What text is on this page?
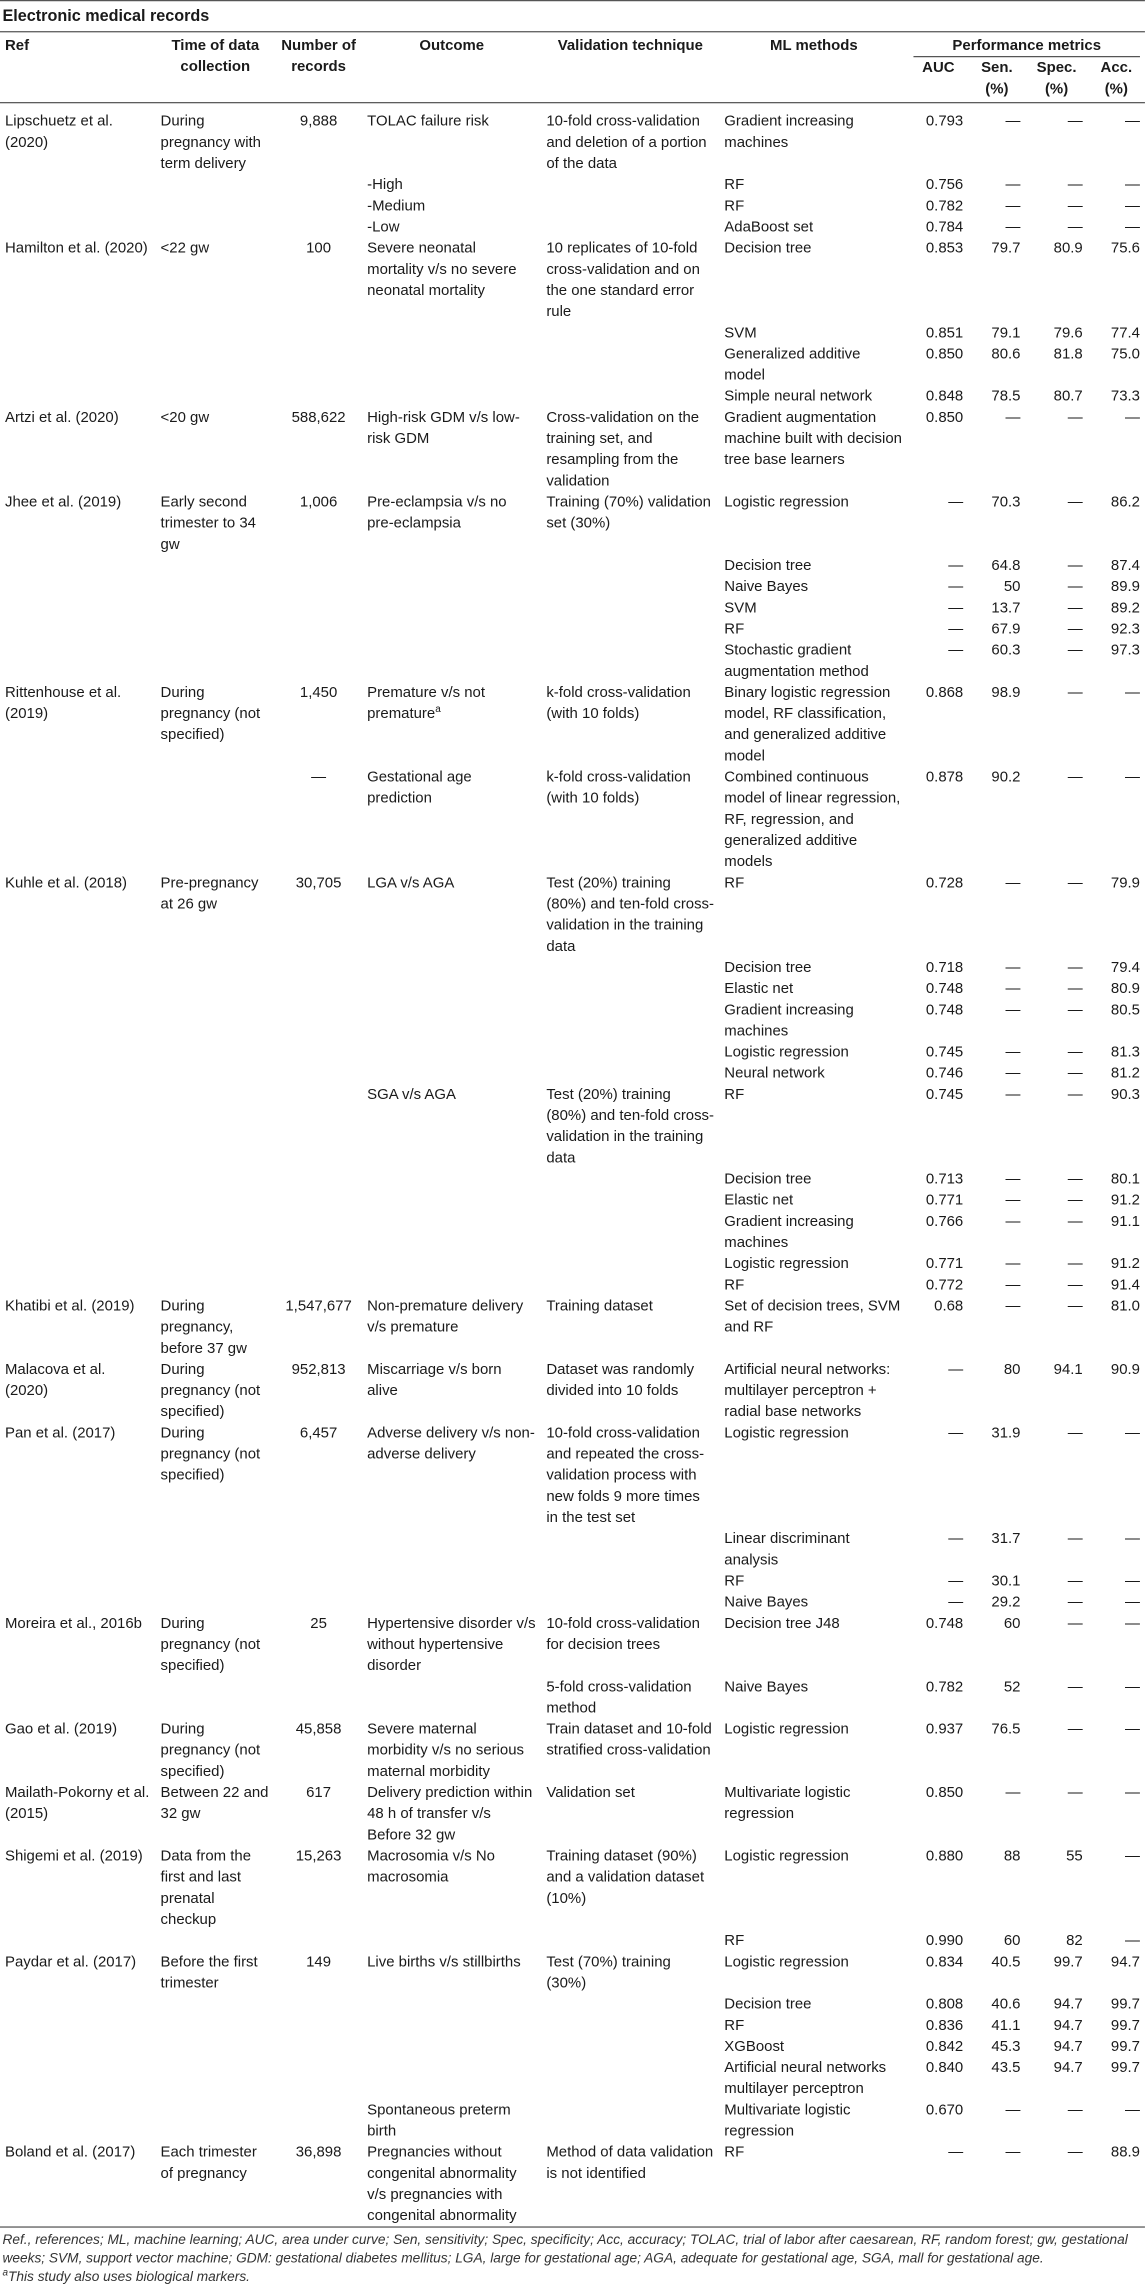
Electronic medical records
Ref	Time of data collection	Number of records	Outcome	Validation technique	ML methods	Performance metrics			

						AUC	Sen. (%)	Spec. (%)	Acc. (%)

Lipschuetz et al. (2020)	During pregnancy with term delivery	9,888	TOLAC failure risk	10-fold cross-validation and deletion of a portion of the data	Gradient increasing machines	0.793	—	—	—
			-High		RF	0.756	—	—	—
			-Medium		RF	0.782	—	—	—
			-Low		AdaBoost set	0.784	—	—	—
Hamilton et al. (2020)	<22 gw	100	Severe neonatal mortality v/s no severe neonatal mortality	10 replicates of 10-fold cross-validation and on the one standard error rule	Decision tree	0.853	79.7	80.9	75.6
					SVM	0.851	79.1	79.6	77.4
					Generalized additive model	0.850	80.6	81.8	75.0
					Simple neural network	0.848	78.5	80.7	73.3
Artzi et al. (2020)	<20 gw	588,622	High-risk GDM v/s low-risk GDM	Cross-validation on the training set, and resampling from the validation	Gradient augmentation machine built with decision tree base learners	0.850	—	—	—
Jhee et al. (2019)	Early second trimester to 34 gw	1,006	Pre-eclampsia v/s no pre-eclampsia	Training (70%) validation set (30%)	Logistic regression	—	70.3	—	86.2
					Decision tree	—	64.8	—	87.4
					Naive Bayes	—	50	—	89.9
					SVM	—	13.7	—	89.2
					RF	—	67.9	—	92.3
					Stochastic gradient augmentation method	—	60.3	—	97.3
Rittenhouse et al. (2019)	During pregnancy (not specified)	1,450	Premature v/s not premature$^a$	k-fold cross-validation (with 10 folds)	Binary logistic regression model, RF classification, and generalized additive model	0.868	98.9	—	—
		—	Gestational age prediction	k-fold cross-validation (with 10 folds)	Combined continuous model of linear regression, RF, regression, and generalized additive models	0.878	90.2	—	—
Kuhle et al. (2018)	Pre-pregnancy at 26 gw	30,705	LGA v/s AGA	Test (20%) training (80%) and ten-fold cross-validation in the training data	RF	0.728	—	—	79.9
					Decision tree	0.718	—	—	79.4
					Elastic net	0.748	—	—	80.9
					Gradient increasing machines	0.748	—	—	80.5
					Logistic regression	0.745	—	—	81.3
					Neural network	0.746	—	—	81.2
			SGA v/s AGA	Test (20%) training (80%) and ten-fold cross-validation in the training data	RF	0.745	—	—	90.3
					Decision tree	0.713	—	—	80.1
					Elastic net	0.771	—	—	91.2
					Gradient increasing machines	0.766	—	—	91.1
					Logistic regression	0.771	—	—	91.2
					RF	0.772	—	—	91.4
Khatibi et al. (2019)	During pregnancy, before 37 gw	1,547,677	Non-premature delivery v/s premature	Training dataset	Set of decision trees, SVM and RF	0.68	—	—	81.0
Malacova et al. (2020)	During pregnancy (not specified)	952,813	Miscarriage v/s born alive	Dataset was randomly divided into 10 folds	Artificial neural networks: multilayer perceptron + radial base networks	—	80	94.1	90.9
Pan et al. (2017)	During pregnancy (not specified)	6,457	Adverse delivery v/s non-adverse delivery	10-fold cross-validation and repeated the cross-validation process with new folds 9 more times in the test set	Logistic regression	—	31.9	—	—
					Linear discriminant analysis	—	31.7	—	—
					RF	—	30.1	—	—
					Naive Bayes	—	29.2	—	—
Moreira et al., 2016b	During pregnancy (not specified)	25	Hypertensive disorder v/s without hypertensive disorder	10-fold cross-validation for decision trees	Decision tree J48	0.748	60	—	—
				5-fold cross-validation method	Naive Bayes	0.782	52	—	—
Gao et al. (2019)	During pregnancy (not specified)	45,858	Severe maternal morbidity v/s no serious maternal morbidity	Train dataset and 10-fold stratified cross-validation	Logistic regression	0.937	76.5	—	—
Mailath-Pokorny et al. (2015)	Between 22 and 32 gw	617	Delivery prediction within 48 h of transfer v/s Before 32 gw	Validation set	Multivariate logistic regression	0.850	—	—	—
Shigemi et al. (2019)	Data from the first and last prenatal checkup	15,263	Macrosomia v/s No macrosomia	Training dataset (90%) and a validation dataset (10%)	Logistic regression	0.880	88	55	—
					RF	0.990	60	82	—
Paydar et al. (2017)	Before the first trimester	149	Live births v/s stillbirths	Test (70%) training (30%)	Logistic regression	0.834	40.5	99.7	94.7
					Decision tree	0.808	40.6	94.7	99.7
					RF	0.836	41.1	94.7	99.7
					XGBoost	0.842	45.3	94.7	99.7
					Artificial neural networks multilayer perceptron	0.840	43.5	94.7	99.7
			Spontaneous preterm birth		Multivariate logistic regression	0.670	—	—	—
Boland et al. (2017)	Each trimester of pregnancy	36,898	Pregnancies without congenital abnormality v/s pregnancies with congenital abnormality	Method of data validation is not identified	RF	—	—	—	88.9
Ref., references; ML, machine learning; AUC, area under curve; Sen, sensitivity; Spec, specificity; Acc, accuracy; TOLAC, trial of labor after caesarean, RF, random forest; gw, gestational weeks; SVM, support vector machine; GDM: gestational diabetes mellitus; LGA, large for gestational age; AGA, adequate for gestational age, SGA, mall for gestational age.
$^a$This study also uses biological markers.
